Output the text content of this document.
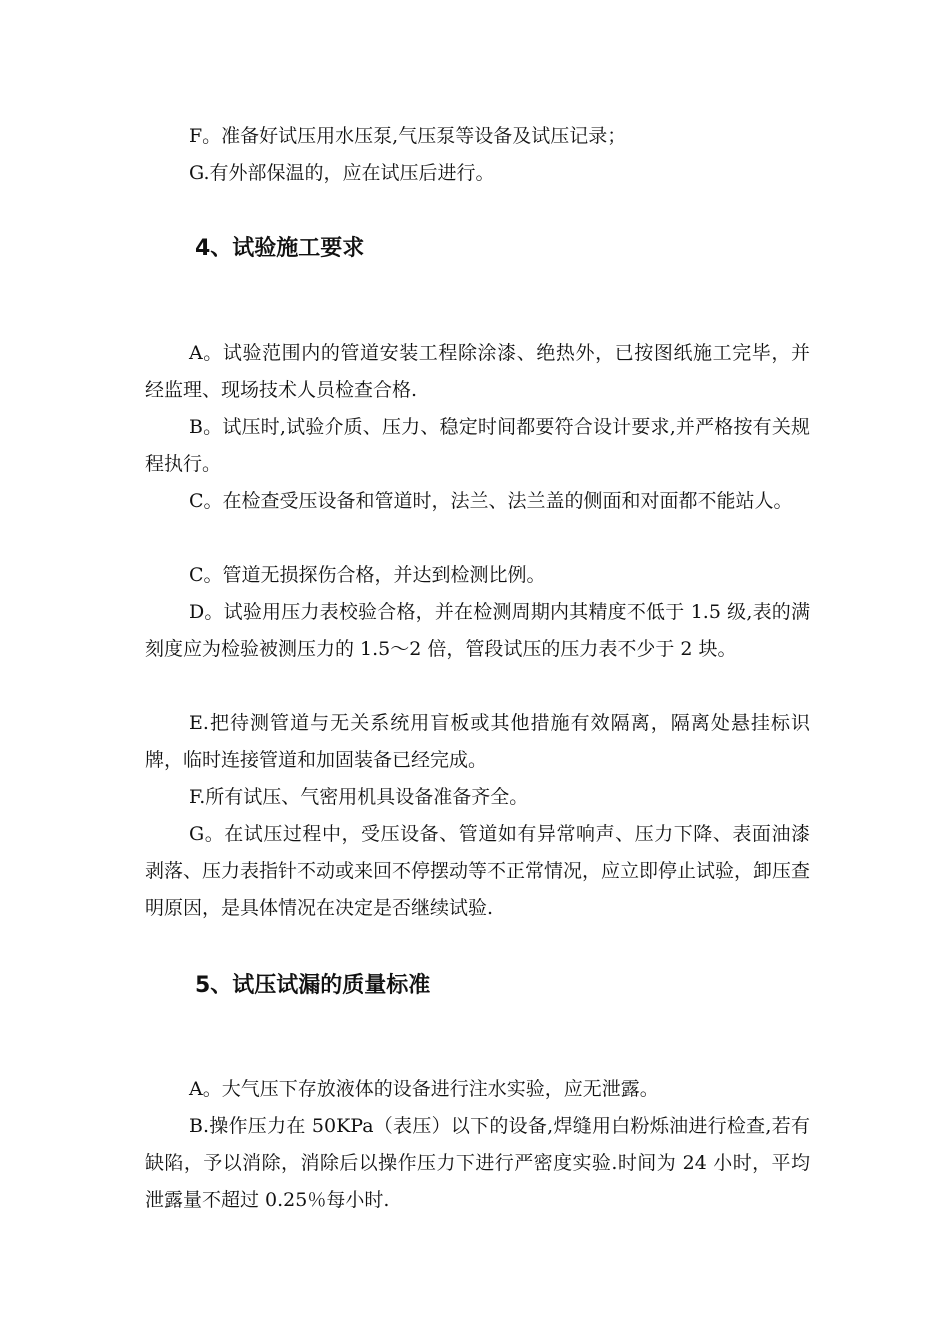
F。准备好试压用水压泵,气压泵等设备及试压记录；

G.有外部保温的，应在试压后进行。

4、试验施工要求

A。试验范围内的管道安装工程除涂漆、绝热外，已按图纸施工完毕，并经监理、现场技术人员检查合格.

B。试压时,试验介质、压力、稳定时间都要符合设计要求,并严格按有关规程执行。

C。在检查受压设备和管道时，法兰、法兰盖的侧面和对面都不能站人。

C。管道无损探伤合格，并达到检测比例。

D。试验用压力表校验合格，并在检测周期内其精度不低于 1.5 级,表的满刻度应为检验被测压力的 1.5～2 倍，管段试压的压力表不少于 2 块。

E.把待测管道与无关系统用盲板或其他措施有效隔离，隔离处悬挂标识牌，临时连接管道和加固装备已经完成。

F.所有试压、气密用机具设备准备齐全。

G。在试压过程中，受压设备、管道如有异常响声、压力下降、表面油漆剥落、压力表指针不动或来回不停摆动等不正常情况，应立即停止试验，卸压查明原因，是具体情况在决定是否继续试验.

5、试压试漏的质量标准

A。大气压下存放液体的设备进行注水实验，应无泄露。

B.操作压力在 50KPa（表压）以下的设备,焊缝用白粉烁油进行检查,若有缺陷，予以消除，消除后以操作压力下进行严密度实验.时间为 24 小时，平均泄露量不超过 0.25％每小时.
